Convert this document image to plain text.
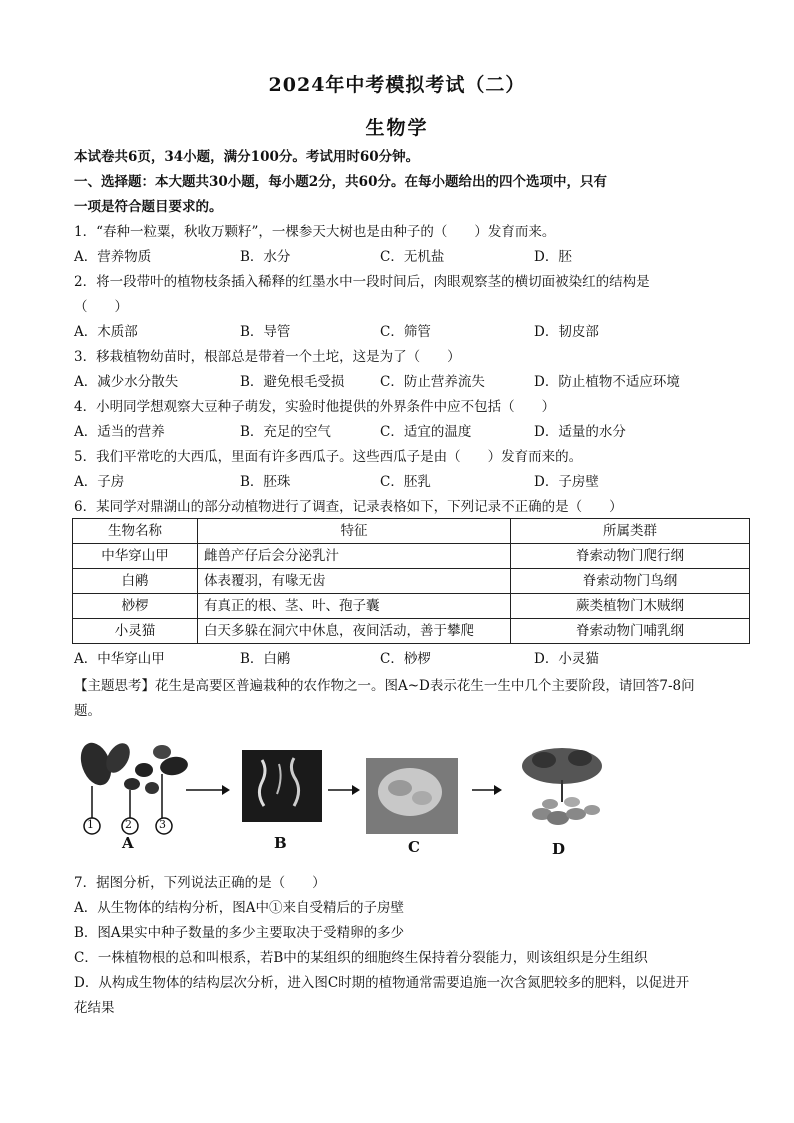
2024年中考模拟考试（二）
生物学
本试卷共6页，34小题，满分100分。考试用时60分钟。
一、选择题：本大题共30小题，每小题2分，共60分。在每小题给出的四个选项中，只有
一项是符合题目要求的。
1．“春种一粒粟，秋收万颗籽”，一棵参天大树也是由种子的（　　）发育而来。
A．营养物质	B．水分	C．无机盐	D．胚
2．将一段带叶的植物枝条插入稀释的红墨水中一段时间后，肉眼观察茎的横切面被染红的结构是
（　　）
A．木质部	B．导管	C．筛管	D．韧皮部
3．移栽植物幼苗时，根部总是带着一个土坨，这是为了（　　）
A．减少水分散失	B．避免根毛受损	C．防止营养流失	D．防止植物不适应环境
4．小明同学想观察大豆种子萌发，实验时他提供的外界条件中应不包括（　　）
A．适当的营养	B．充足的空气	C．适宜的温度	D．适量的水分
5．我们平常吃的大西瓜，里面有许多西瓜子。这些西瓜子是由（　　）发育而来的。
A．子房	B．胚珠	C．胚乳	D．子房壁
6．某同学对鼎湖山的部分动植物进行了调查，记录表格如下，下列记录不正确的是（　　）
生物名称	特征	所属类群
中华穿山甲	雌兽产仔后会分泌乳汁	脊索动物门爬行纲
白鹇	体表覆羽，有喙无齿	脊索动物门鸟纲
桫椤	有真正的根、茎、叶、孢子囊	蕨类植物门木贼纲
小灵猫	白天多躲在洞穴中休息，夜间活动，善于攀爬	脊索动物门哺乳纲
A．中华穿山甲	B．白鹇	C．桫椤	D．小灵猫
【主题思考】花生是高要区普遍栽种的农作物之一。图A~D表示花生一生中几个主要阶段，请回答7-8问
题。
1	2 3
A	B	C	D
7．据图分析，下列说法正确的是（　　）
A．从生物体的结构分析，图A中①来自受精后的子房壁
B．图A果实中种子数量的多少主要取决于受精卵的多少
C．一株植物根的总和叫根系，若B中的某组织的细胞终生保持着分裂能力，则该组织是分生组织
D．从构成生物体的结构层次分析，进入图C时期的植物通常需要追施一次含氮肥较多的肥料，以促进开
花结果
